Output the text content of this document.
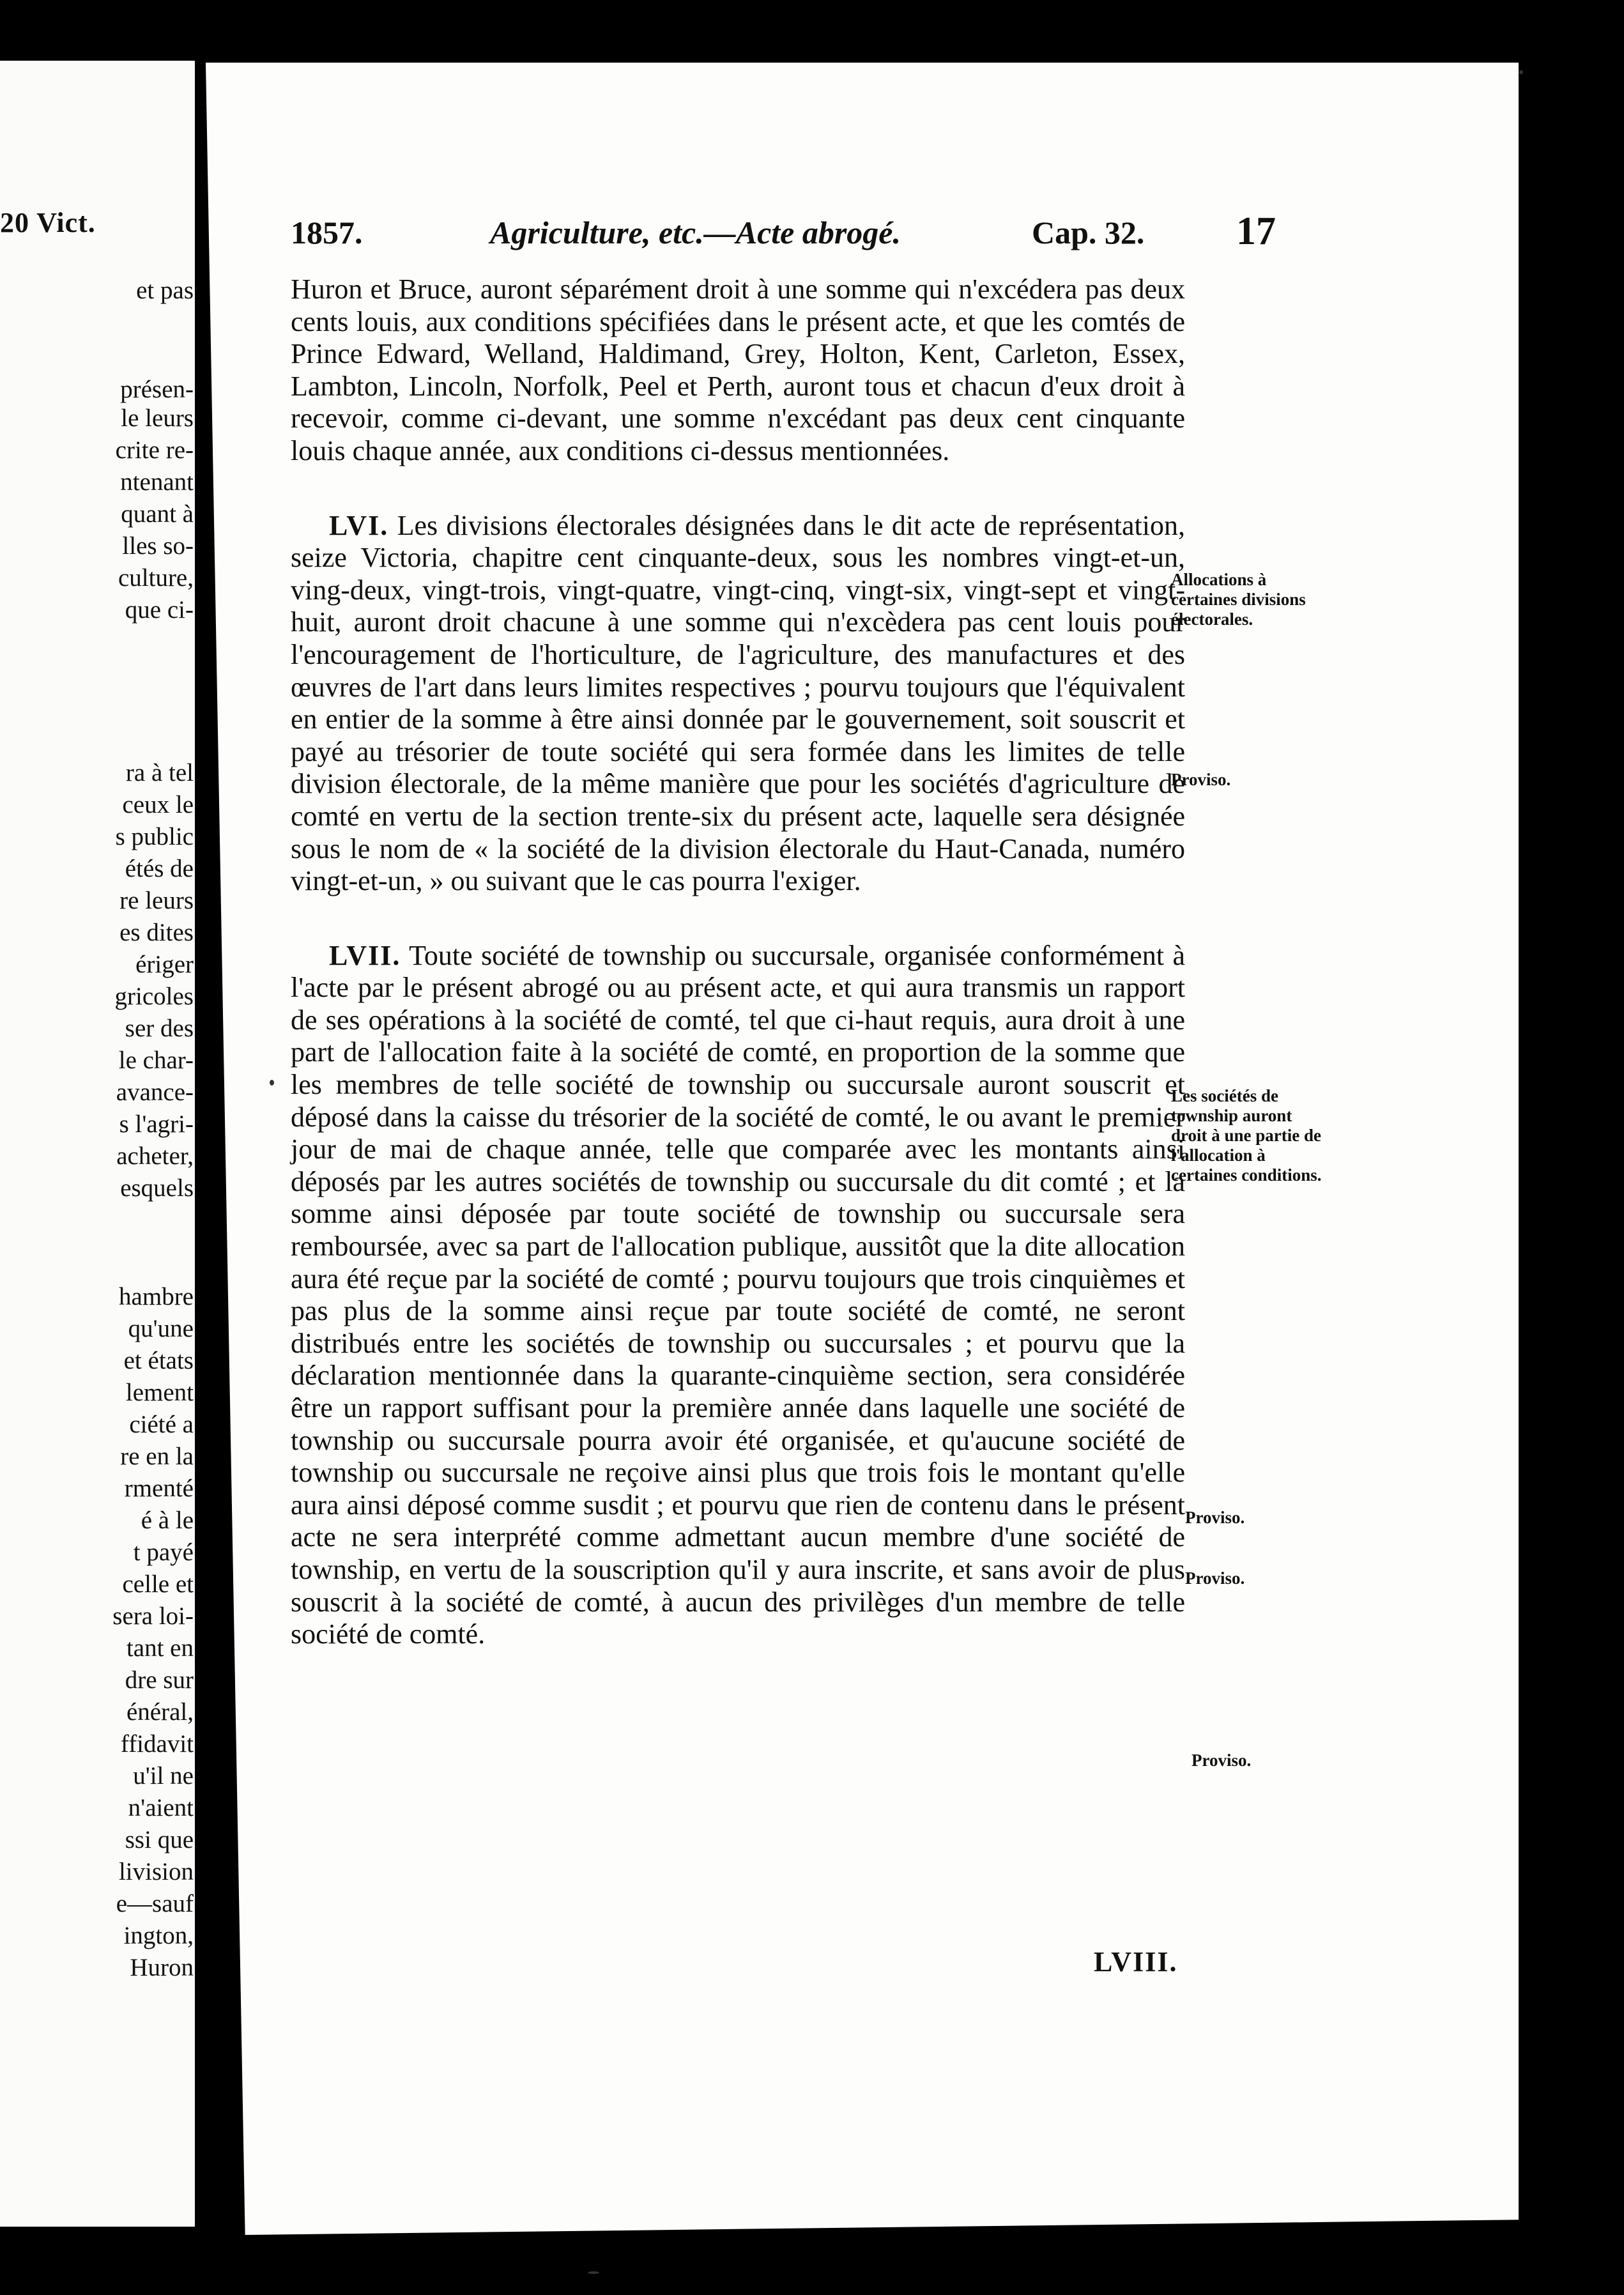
20 Vict.
et pas
présen-
le leurs
crite re-
ntenant
quant à
lles so-
culture,
que ci-
ra à tel
ceux le
s public
étés de
re leurs
es dites
ériger
gricoles
ser des
le char-
avance-
s l'agri-
acheter,
esquels
hambre
qu'une
et états
lement
ciété a
re en la
rmenté
é à le
t payé
celle et
sera loi-
tant en
dre sur
énéral,
ffidavit
u'il ne
n'aient
ssi que
livision
e—sauf
ington,
Huron
1857.	Agriculture, etc.—Acte abrogé.	Cap. 32. 17

Huron et Bruce, auront séparément droit à une somme qui n'excédera pas deux cents louis, aux conditions spécifiées dans le présent acte, et que les comtés de Prince Edward, Welland, Haldimand, Grey, Holton, Kent, Carleton, Essex, Lambton, Lincoln, Norfolk, Peel et Perth, auront tous et chacun d'eux droit à recevoir, comme ci-devant, une somme n'excédant pas deux cent cinquante louis chaque année, aux conditions ci-dessus mentionnées.

LVI. Les divisions électorales désignées dans le dit acte de représentation, seize Victoria, chapitre cent cinquante-deux, sous les nombres vingt-et-un, ving-deux, vingt-trois, vingt-quatre, vingt-cinq, vingt-six, vingt-sept et vingt-huit, auront droit chacune à une somme qui n'excèdera pas cent louis pour l'encouragement de l'horticulture, de l'agriculture, des manufactures et des œuvres de l'art dans leurs limites respectives ; pourvu toujours que l'équivalent en entier de la somme à être ainsi donnée par le gouvernement, soit souscrit et payé au trésorier de toute société qui sera formée dans les limites de telle division électorale, de la même manière que pour les sociétés d'agriculture de comté en vertu de la section trente-six du présent acte, laquelle sera désignée sous le nom de « la société de la division électorale du Haut-Canada, numéro vingt-et-un, » ou suivant que le cas pourra l'exiger.

LVII. Toute société de township ou succursale, organisée conformément à l'acte par le présent abrogé ou au présent acte, et qui aura transmis un rapport de ses opérations à la société de comté, tel que ci-haut requis, aura droit à une part de l'allocation faite à la société de comté, en proportion de la somme que les membres de telle société de township ou succursale auront souscrit et déposé dans la caisse du trésorier de la société de comté, le ou avant le premier jour de mai de chaque année, telle que comparée avec les montants ainsi déposés par les autres sociétés de township ou succursale du dit comté ; et la somme ainsi déposée par toute société de township ou succursale sera remboursée, avec sa part de l'allocation publique, aussitôt que la dite allocation aura été reçue par la société de comté ; pourvu toujours que trois cinquièmes et pas plus de la somme ainsi reçue par toute société de comté, ne seront distribués entre les sociétés de township ou succursales ; et pourvu que la déclaration mentionnée dans la quarante-cinquième section, sera considérée être un rapport suffisant pour la première année dans laquelle une société de township ou succursale pourra avoir été organisée, et qu'aucune société de township ou succursale ne reçoive ainsi plus que trois fois le montant qu'elle aura ainsi déposé comme susdit ; et pourvu que rien de contenu dans le présent acte ne sera interprété comme admettant aucun membre d'une société de township, en vertu de la souscription qu'il y aura inscrite, et sans avoir de plus souscrit à la société de comté, à aucun des privilèges d'un membre de telle société de comté.

LVIII.
Allocations à certaines divisions électorales.
Proviso.
Les sociétés de township auront droit à une partie de l'allocation à certaines conditions.
Proviso.
Proviso.
Proviso.
